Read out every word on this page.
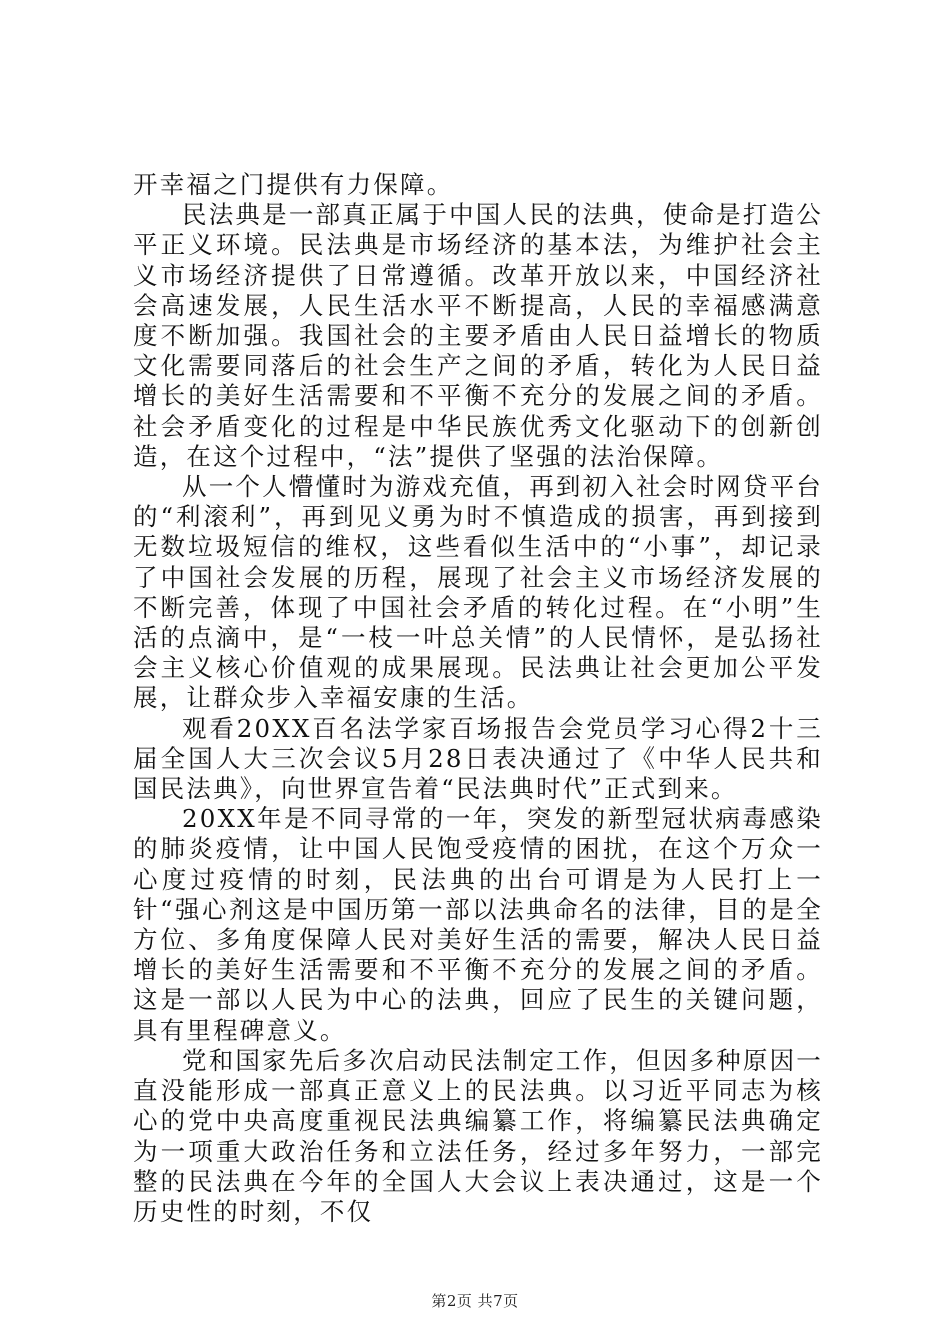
开幸福之门提供有力保障。

民法典是一部真正属于中国人民的法典，使命是打造公平正义环境。民法典是市场经济的基本法，为维护社会主义市场经济提供了日常遵循。改革开放以来，中国经济社会高速发展，人民生活水平不断提高，人民的幸福感满意度不断加强。我国社会的主要矛盾由人民日益增长的物质文化需要同落后的社会生产之间的矛盾，转化为人民日益增长的美好生活需要和不平衡不充分的发展之间的矛盾。社会矛盾变化的过程是中华民族优秀文化驱动下的创新创造，在这个过程中，“法”提供了坚强的法治保障。

从一个人懵懂时为游戏充值，再到初入社会时网贷平台的“利滚利”，再到见义勇为时不慎造成的损害，再到接到无数垃圾短信的维权，这些看似生活中的“小事”，却记录了中国社会发展的历程，展现了社会主义市场经济发展的不断完善，体现了中国社会矛盾的转化过程。在“小明”生活的点滴中，是“一枝一叶总关情”的人民情怀，是弘扬社会主义核心价值观的成果展现。民法典让社会更加公平发展，让群众步入幸福安康的生活。

观看20XX百名法学家百场报告会党员学习心得2十三届全国人大三次会议5月28日表决通过了《中华人民共和国民法典》，向世界宣告着“民法典时代”正式到来。

20XX年是不同寻常的一年，突发的新型冠状病毒感染的肺炎疫情，让中国人民饱受疫情的困扰，在这个万众一心度过疫情的时刻，民法典的出台可谓是为人民打上一针“强心剂这是中国历第一部以法典命名的法律，目的是全方位、多角度保障人民对美好生活的需要，解决人民日益增长的美好生活需要和不平衡不充分的发展之间的矛盾。这是一部以人民为中心的法典，回应了民生的关键问题，具有里程碑意义。

党和国家先后多次启动民法制定工作，但因多种原因一直没能形成一部真正意义上的民法典。以习近平同志为核心的党中央高度重视民法典编纂工作，将编纂民法典确定为一项重大政治任务和立法任务，经过多年努力，一部完整的民法典在今年的全国人大会议上表决通过，这是一个历史性的时刻，不仅

第2页 共7页
